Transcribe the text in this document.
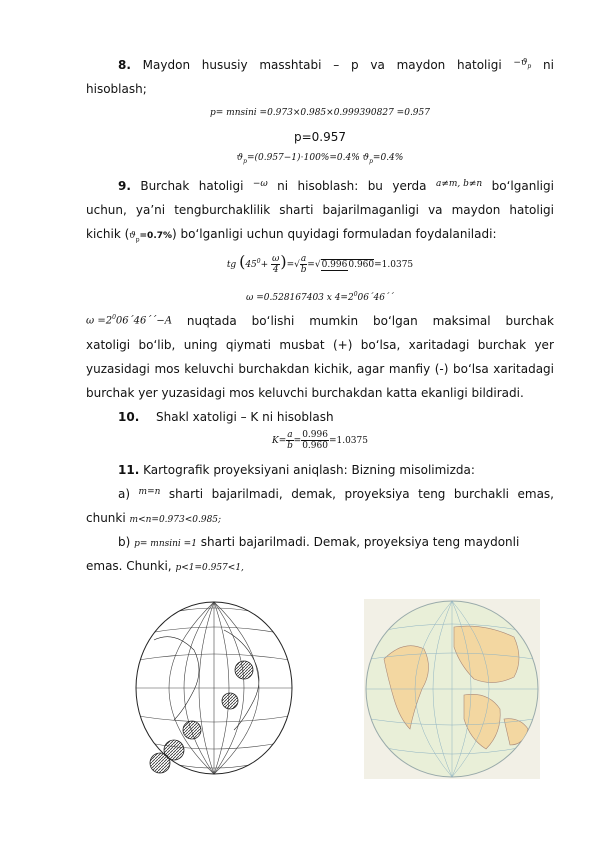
8. Maydon hususiy masshtabi – p va maydon hatoligi $-ϑ_p$ ni
hisoblash;
p= mnsini =0.973×0.985×0.999390827 =0.957
p=0.957
$ϑ_p=(0.957-1)\cdot 100\%=0.4\%$ $ϑ_p=0.4\%$
9. Burchak hatoligi −ω ni hisoblash: bu yerda a≠m, b≠n bo‘lganligi
uchun, ya’ni tengburchaklilik sharti bajarilmaganligi va maydon hatoligi
kichik $(ϑ_p=0.7\%)$ bo‘lganligi uchun quyidagi formuladan foydalaniladi:
tg ($45^0+ \frac{\omega}{4}$ )=√ $\frac{a}{b} =√0.9960.960=1.0375$
ω =0.528167403 x $4=2^006´46´´$
$\omega =2^006´46´´-A$ nuqtada bo‘lishi mumkin bo‘lgan maksimal burchak
xatoligi bo‘lib, uning qiymati musbat (+) bo‘lsa, xaritadagi burchak yer
yuzasidagi mos keluvchi burchakdan kichik, agar manfiy (-) bo‘lsa xaritadagi
burchak yer yuzasidagi mos keluvchi burchakdan katta ekanligi bildiradi.
10. Shakl xatoligi – K ni hisoblash
$K= \frac{a}{b} = \frac{0.996}{0.960} =1.0375$
11. Kartografik proyeksiyani aniqlash: Bizning misolimizda:
a) m=n sharti bajarilmadi, demak, proyeksiya teng burchakli emas,
chunki m<n=0.973<0.985;
b) p= mnsini =1 sharti bajarilmadi. Demak, proyeksiya teng maydonli
emas. Chunki, p<1=0.957<1,
